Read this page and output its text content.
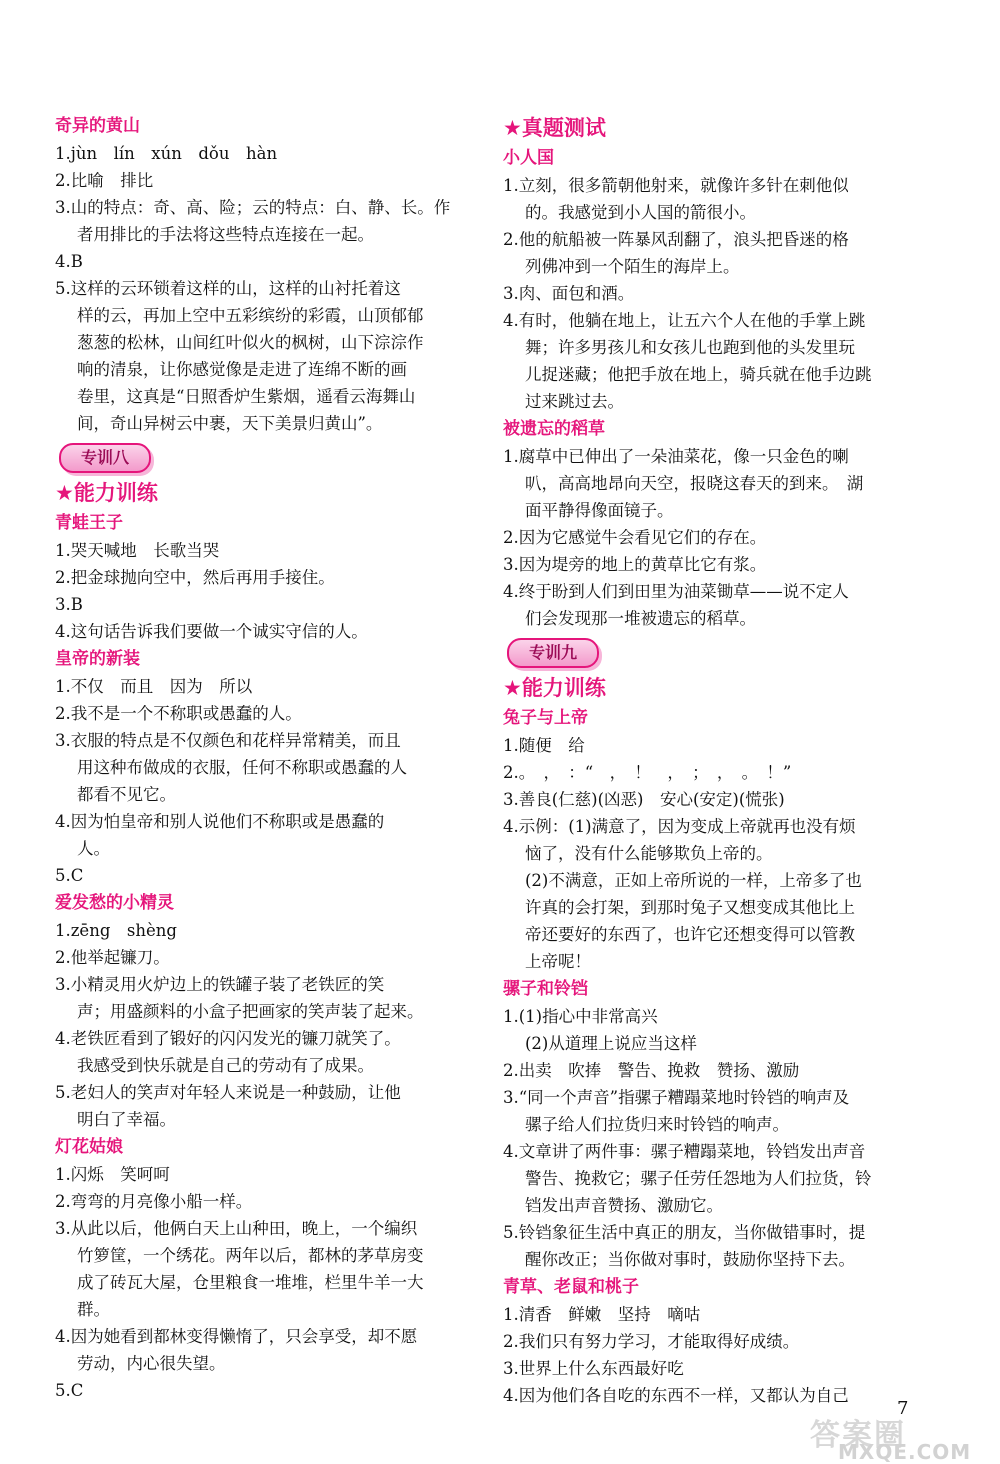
奇异的黄山
1.jùn　lín　xún　dǒu　hàn
2.比喻　排比
3.山的特点：奇、高、险；云的特点：白、静、长。作
者用排比的手法将这些特点连接在一起。
4.B
5.这样的云环锁着这样的山，这样的山衬托着这
样的云，再加上空中五彩缤纷的彩霞，山顶郁郁
葱葱的松林，山间红叶似火的枫树，山下淙淙作
响的清泉，让你感觉像是走进了连绵不断的画
卷里，这真是“日照香炉生紫烟，遥看云海舞山
间，奇山异树云中裹，天下美景归黄山”。
专训八
★能力训练
青蛙王子
1.哭天喊地　长歌当哭
2.把金球抛向空中，然后再用手接住。
3.B
4.这句话告诉我们要做一个诚实守信的人。
皇帝的新装
1.不仅　而且　因为　所以
2.我不是一个不称职或愚蠢的人。
3.衣服的特点是不仅颜色和花样异常精美，而且
用这种布做成的衣服，任何不称职或愚蠢的人
都看不见它。
4.因为怕皇帝和别人说他们不称职或是愚蠢的
人。
5.C
爱发愁的小精灵
1.zēng　shèng
2.他举起镰刀。
3.小精灵用火炉边上的铁罐子装了老铁匠的笑
声；用盛颜料的小盒子把画家的笑声装了起来。
4.老铁匠看到了锻好的闪闪发光的镰刀就笑了。
我感受到快乐就是自己的劳动有了成果。
5.老妇人的笑声对年轻人来说是一种鼓励，让他
明白了幸福。
灯花姑娘
1.闪烁　笑呵呵
2.弯弯的月亮像小船一样。
3.从此以后，他俩白天上山种田，晚上，一个编织
竹箩筐，一个绣花。两年以后，都林的茅草房变
成了砖瓦大屋，仓里粮食一堆堆，栏里牛羊一大
群。
4.因为她看到都林变得懒惰了，只会享受，却不愿
劳动，内心很失望。
5.C
★真题测试
小人国
1.立刻，很多箭朝他射来，就像许多针在刺他似
的。我感觉到小人国的箭很小。
2.他的航船被一阵暴风刮翻了，浪头把昏迷的格
列佛冲到一个陌生的海岸上。
3.肉、面包和酒。
4.有时，他躺在地上，让五六个人在他的手掌上跳
舞；许多男孩儿和女孩儿也跑到他的头发里玩
儿捉迷藏；他把手放在地上，骑兵就在他手边跳
过来跳过去。
被遗忘的稻草
1.腐草中已伸出了一朵油菜花，像一只金色的喇
叭，高高地昂向天空，报晓这春天的到来。　湖
面平静得像面镜子。
2.因为它感觉牛会看见它们的存在。
3.因为堤旁的地上的黄草比它有浆。
4.终于盼到人们到田里为油菜锄草——说不定人
们会发现那一堆被遗忘的稻草。
专训九
★能力训练
兔子与上帝
1.随便　给
2.。　，　：“　，　！　，　；　，　。　！”
3.善良(仁慈)(凶恶)　安心(安定)(慌张)
4.示例：(1)满意了，因为变成上帝就再也没有烦
恼了，没有什么能够欺负上帝的。
(2)不满意，正如上帝所说的一样，上帝多了也
许真的会打架，到那时兔子又想变成其他比上
帝还要好的东西了，也许它还想变得可以管教
上帝呢！
骡子和铃铛
1.(1)指心中非常高兴
(2)从道理上说应当这样
2.出卖　吹捧　警告、挽救　赞扬、激励
3.“同一个声音”指骡子糟蹋菜地时铃铛的响声及
骡子给人们拉货归来时铃铛的响声。
4.文章讲了两件事：骡子糟蹋菜地，铃铛发出声音
警告、挽救它；骡子任劳任怨地为人们拉货，铃
铛发出声音赞扬、激励它。
5.铃铛象征生活中真正的朋友，当你做错事时，提
醒你改正；当你做对事时，鼓励你坚持下去。
青草、老鼠和桃子
1.清香　鲜嫩　坚持　嘀咕
2.我们只有努力学习，才能取得好成绩。
3.世界上什么东西最好吃
4.因为他们各自吃的东西不一样，又都认为自己
7
答案圈
MXQE.COM
